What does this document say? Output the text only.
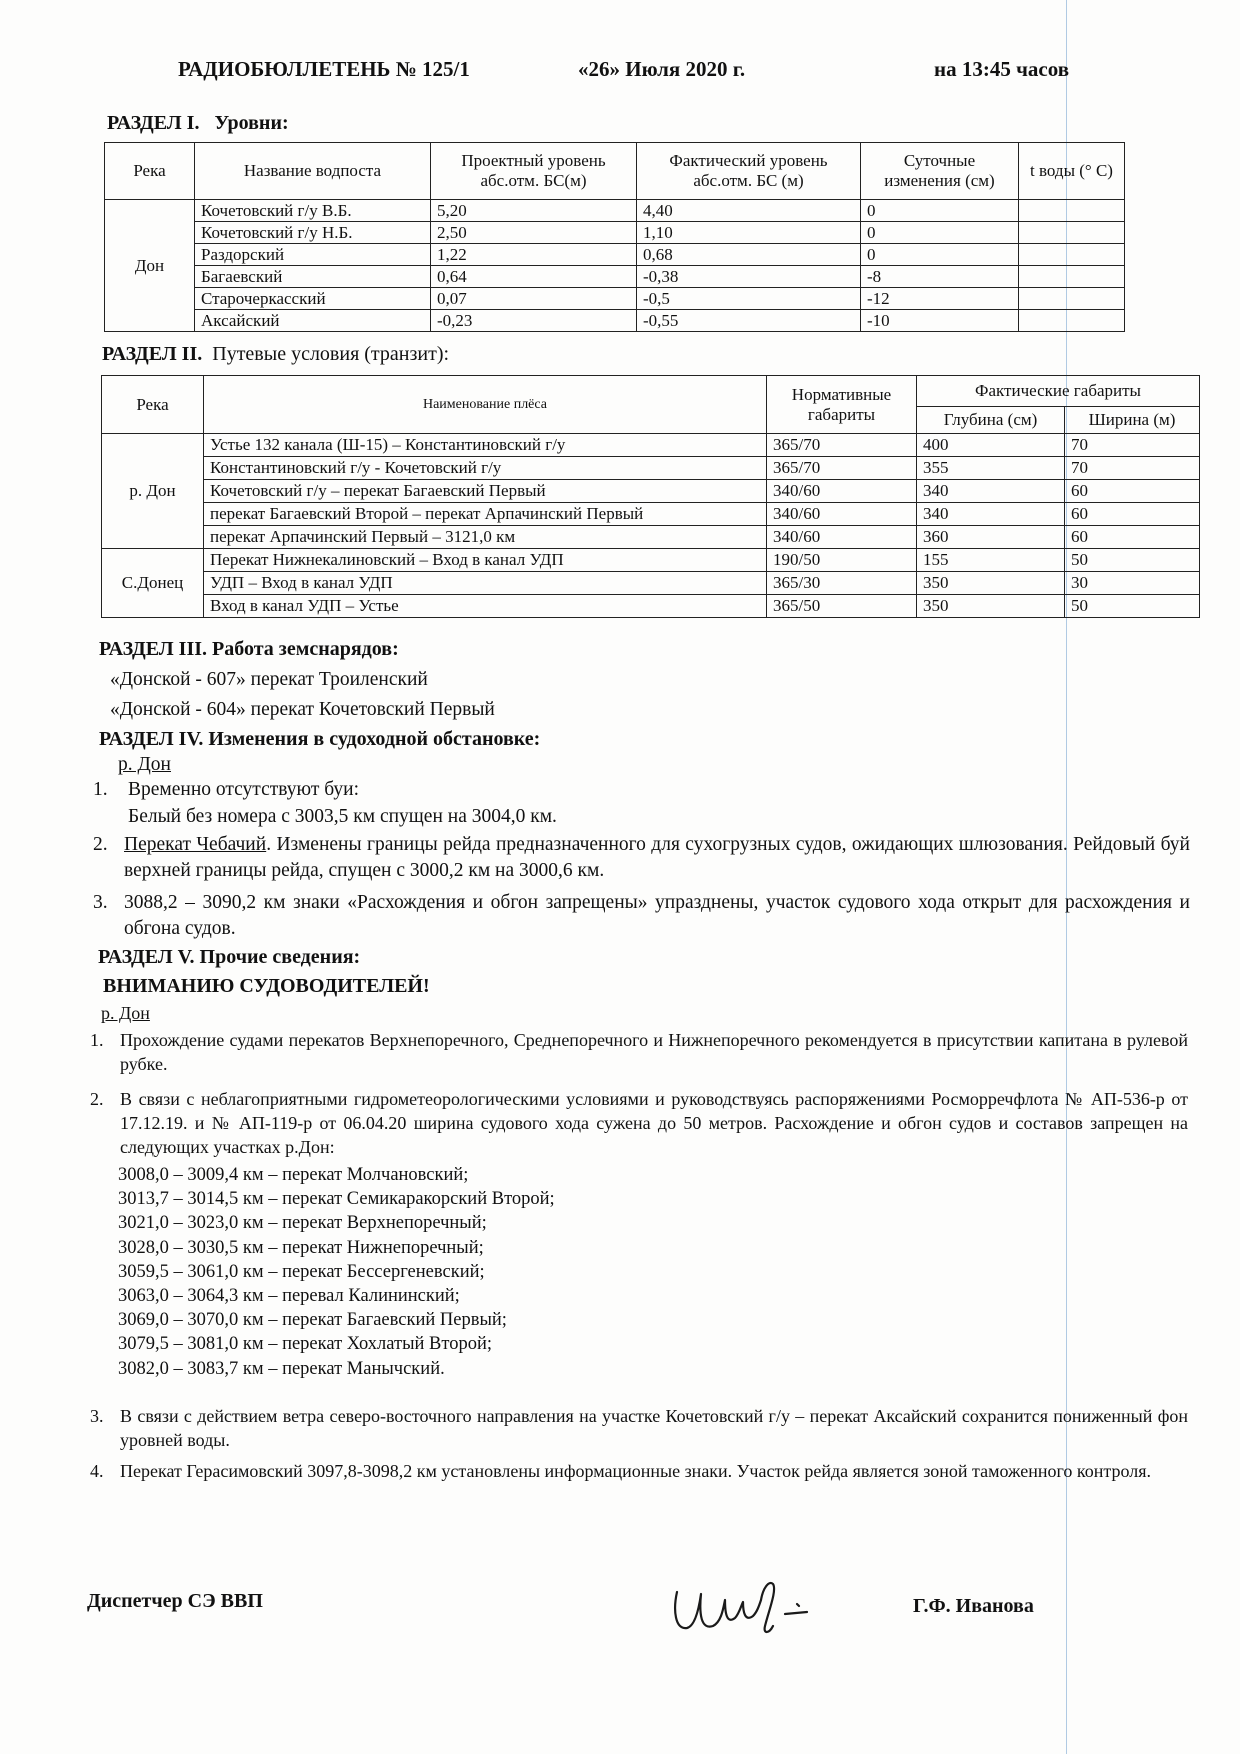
РАДИОБЮЛЛЕТЕНЬ № 125/1	«26» Июля 2020 г.	на 13:45 часов
РАЗДЕЛ I. Уровни:
Река	Название водпоста	Проектный уровень абс.отм. БС(м)	Фактический уровень абс.отм. БС (м)	Суточные изменения (см)	t воды (° С)
Дон	Кочетовский г/у В.Б.	5,20	4,40	0	
	Кочетовский г/у Н.Б.	2,50	1,10	0	
	Раздорский	1,22	0,68	0	
	Багаевский	0,64	-0,38	-8	
	Старочеркасский	0,07	-0,5	-12	
	Аксайский	-0,23	-0,55	-10	
РАЗДЕЛ II. Путевые условия (транзит):
Река	Наименование плёса	Нормативные габариты	Фактические габариты	
			Глубина (см)	Ширина (м)
р. Дон	Устье 132 канала (Ш-15) – Константиновский г/у	365/70	400	70
	Константиновский г/у - Кочетовский г/у	365/70	355	70
	Кочетовский г/у – перекат Багаевский Первый	340/60	340	60
	перекат Багаевский Второй – перекат Арпачинский Первый	340/60	340	60
	перекат Арпачинский Первый – 3121,0 км	340/60	360	60
С.Донец	Перекат Нижнекалиновский – Вход в канал УДП	190/50	155	50
	УДП – Вход в канал УДП	365/30	350	30
	Вход в канал УДП – Устье	365/50	350	50
РАЗДЕЛ III. Работа земснарядов:
«Донской - 607» перекат Троиленский
«Донской - 604» перекат Кочетовский Первый
РАЗДЕЛ IV. Изменения в судоходной обстановке:
р. Дон
1. Временно отсутствуют буи:
Белый без номера с 3003,5 км спущен на 3004,0 км.
2. Перекат Чебачий. Изменены границы рейда предназначенного для сухогрузных судов, ожидающих шлюзования. Рейдовый буй верхней границы рейда, спущен с 3000,2 км на 3000,6 км.
3. 3088,2 – 3090,2 км знаки «Расхождения и обгон запрещены» упразднены, участок судового хода открыт для расхождения и обгона судов.
РАЗДЕЛ V. Прочие сведения:
ВНИМАНИЮ СУДОВОДИТЕЛЕЙ!
р. Дон
1. Прохождение судами перекатов Верхнепоречного, Среднепоречного и Нижнепоречного рекомендуется в присутствии капитана в рулевой рубке.
2. В связи с неблагоприятными гидрометеорологическими условиями и руководствуясь распоряжениями Росморречфлота № АП-536-р от 17.12.19. и № АП-119-р от 06.04.20 ширина судового хода сужена до 50 метров. Расхождение и обгон судов и составов запрещен на следующих участках р.Дон:
3008,0 – 3009,4 км – перекат Молчановский;
3013,7 – 3014,5 км – перекат Семикаракорский Второй;
3021,0 – 3023,0 км – перекат Верхнепоречный;
3028,0 – 3030,5 км – перекат Нижнепоречный;
3059,5 – 3061,0 км – перекат Бессергеневский;
3063,0 – 3064,3 км – перевал Калининский;
3069,0 – 3070,0 км – перекат Багаевский Первый;
3079,5 – 3081,0 км – перекат Хохлатый Второй;
3082,0 – 3083,7 км – перекат Манычский.
3. В связи с действием ветра северо-восточного направления на участке Кочетовский г/у – перекат Аксайский сохранится пониженный фон уровней воды.
4. Перекат Герасимовский 3097,8-3098,2 км установлены информационные знаки. Участок рейда является зоной таможенного контроля.
Диспетчер СЭ ВВП	Г.Ф. Иванова
